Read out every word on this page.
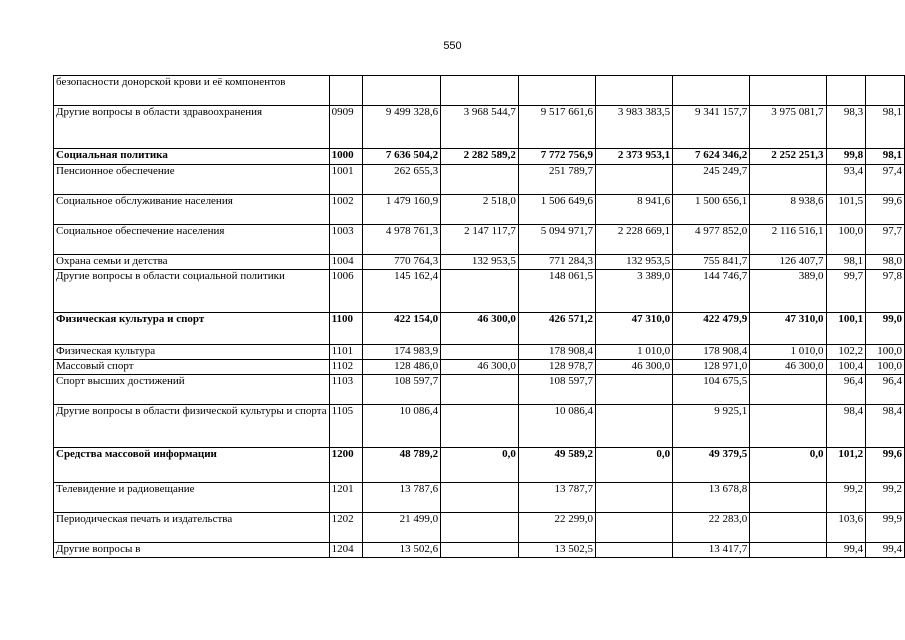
550
безопасности донорской крови и её компонентов									
Другие вопросы в области здравоохранения	0909	9 499 328,6	3 968 544,7	9 517 661,6	3 983 383,5	9 341 157,7	3 975 081,7	98,3	98,1
Социальная политика	1000	7 636 504,2	2 282 589,2	7 772 756,9	2 373 953,1	7 624 346,2	2 252 251,3	99,8	98,1
Пенсионное обеспечение	1001	262 655,3		251 789,7		245 249,7		93,4	97,4
Социальное обслуживание населения	1002	1 479 160,9	2 518,0	1 506 649,6	8 941,6	1 500 656,1	8 938,6	101,5	99,6
Социальное обеспечение населения	1003	4 978 761,3	2 147 117,7	5 094 971,7	2 228 669,1	4 977 852,0	2 116 516,1	100,0	97,7
Охрана семьи и детства	1004	770 764,3	132 953,5	771 284,3	132 953,5	755 841,7	126 407,7	98,1	98,0
Другие вопросы в области социальной политики	1006	145 162,4		148 061,5	3 389,0	144 746,7	389,0	99,7	97,8
Физическая культура и спорт	1100	422 154,0	46 300,0	426 571,2	47 310,0	422 479,9	47 310,0	100,1	99,0
Физическая культура	1101	174 983,9		178 908,4	1 010,0	178 908,4	1 010,0	102,2	100,0
Массовый спорт	1102	128 486,0	46 300,0	128 978,7	46 300,0	128 971,0	46 300,0	100,4	100,0
Спорт высших достижений	1103	108 597,7		108 597,7		104 675,5		96,4	96,4
Другие вопросы в области физической культуры и спорта	1105	10 086,4		10 086,4		9 925,1		98,4	98,4
Средства массовой информации	1200	48 789,2	0,0	49 589,2	0,0	49 379,5	0,0	101,2	99,6
Телевидение и радиовещание	1201	13 787,6		13 787,7		13 678,8		99,2	99,2
Периодическая печать и издательства	1202	21 499,0		22 299,0		22 283,0		103,6	99,9
Другие вопросы в	1204	13 502,6		13 502,5		13 417,7		99,4	99,4
